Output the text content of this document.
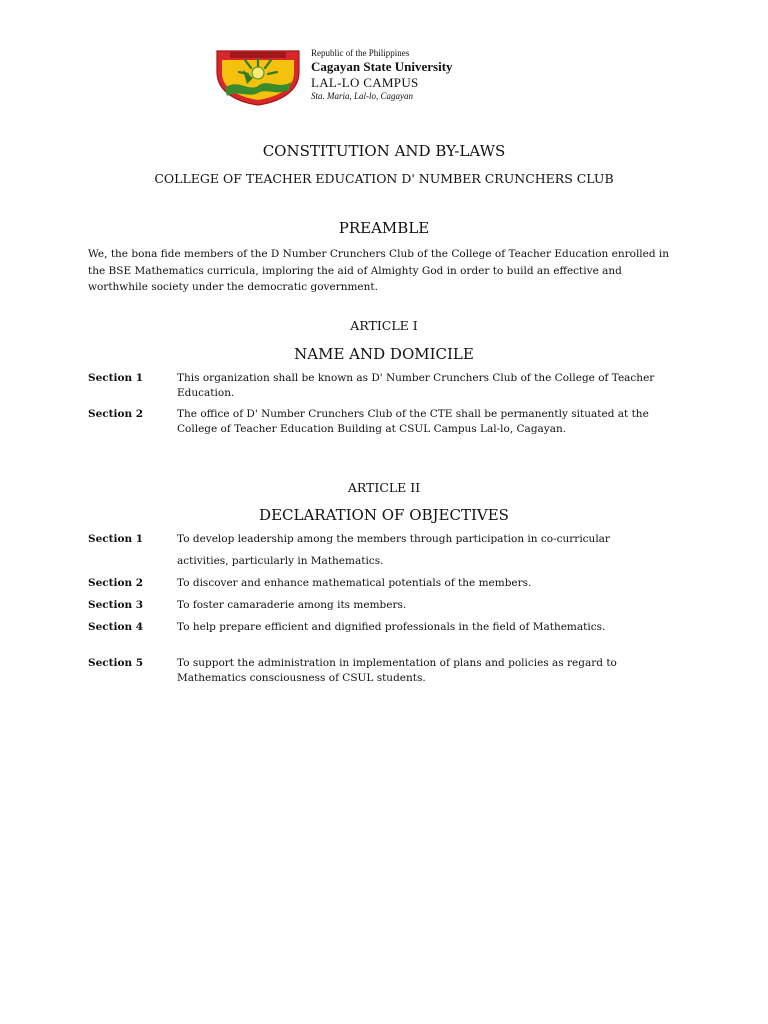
Republic of the Philippines
Cagayan State University
LAL-LO CAMPUS
Sta. Maria, Lal-lo, Cagayan
CONSTITUTION AND BY-LAWS
COLLEGE OF TEACHER EDUCATION D' NUMBER CRUNCHERS CLUB
PREAMBLE
We, the bona fide members of the D Number Crunchers Club of the College of Teacher Education enrolled in the BSE Mathematics curricula, imploring the aid of Almighty God in order to build an effective and worthwhile society under the democratic government.
ARTICLE I
NAME AND DOMICILE
Section 1	This organization shall be known as D' Number Crunchers Club of the College of Teacher Education.
Section 2	The office of D' Number Crunchers Club of the CTE shall be permanently situated at the College of Teacher Education Building at CSUL Campus Lal-lo, Cagayan.
ARTICLE II
DECLARATION OF OBJECTIVES
Section 1	To develop leadership among the members through participation in co-curricular activities, particularly in Mathematics.
Section 2	To discover and enhance mathematical potentials of the members.
Section 3	To foster camaraderie among its members.
Section 4	To help prepare efficient and dignified professionals in the field of Mathematics.
Section 5	To support the administration in implementation of plans and policies as regard to Mathematics consciousness of CSUL students.
